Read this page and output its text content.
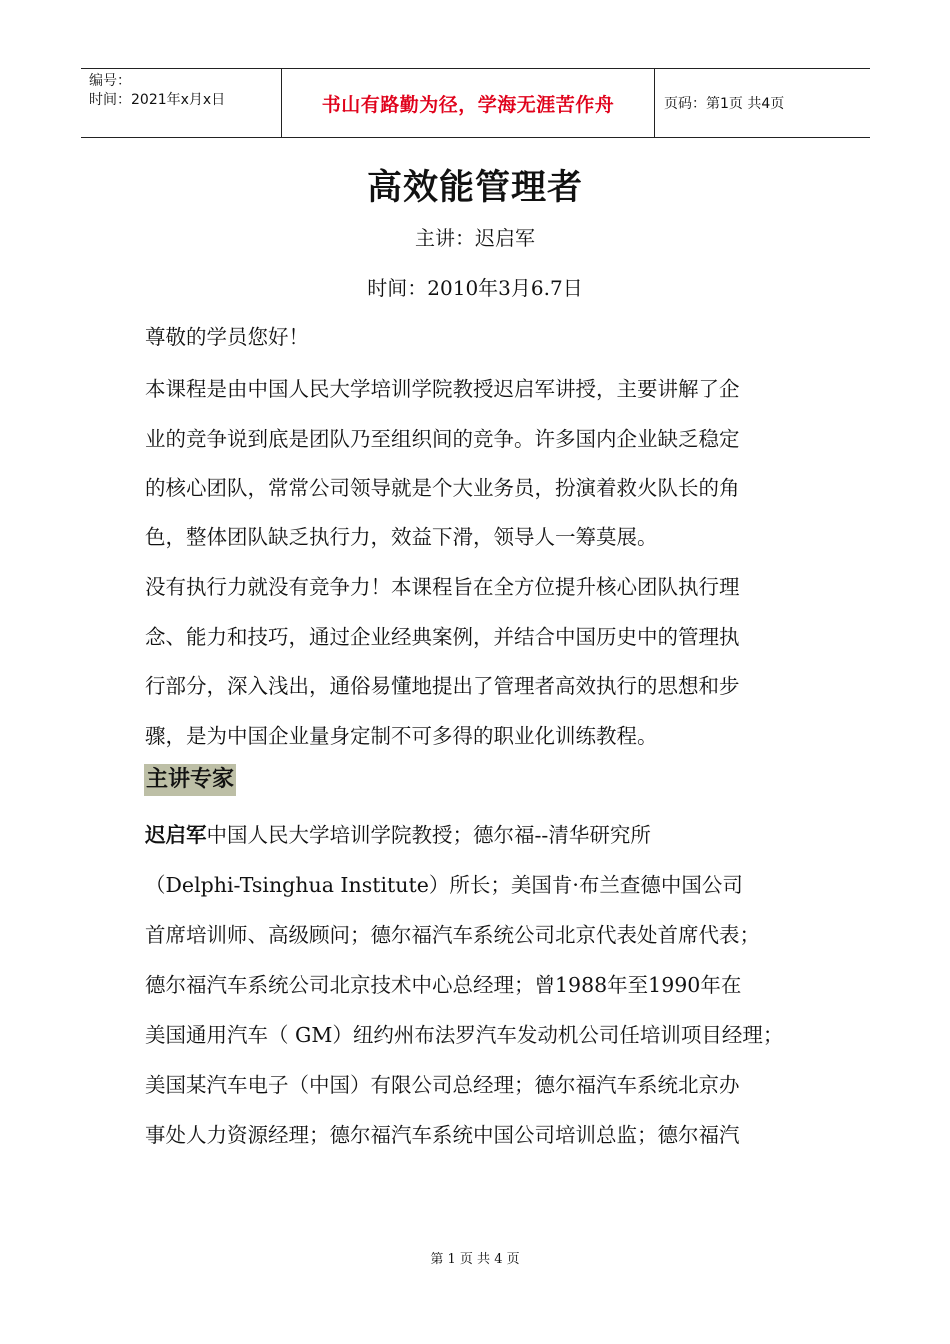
编号：
时间：2021年x月x日	书山有路勤为径，学海无涯苦作舟	页码：第1页 共4页
高效能管理者
主讲：迟启军
时间：2010年3月6.7日
尊敬的学员您好！
本课程是由中国人民大学培训学院教授迟启军讲授，主要讲解了企
业的竞争说到底是团队乃至组织间的竞争。许多国内企业缺乏稳定
的核心团队，常常公司领导就是个大业务员，扮演着救火队长的角
色，整体团队缺乏执行力，效益下滑，领导人一筹莫展。
没有执行力就没有竞争力！本课程旨在全方位提升核心团队执行理
念、能力和技巧，通过企业经典案例，并结合中国历史中的管理执
行部分，深入浅出，通俗易懂地提出了管理者高效执行的思想和步
骤，是为中国企业量身定制不可多得的职业化训练教程。
主讲专家
迟启军中国人民大学培训学院教授；德尔福--清华研究所
（Delphi-Tsinghua Institute）所长；美国肯·布兰查德中国公司
首席培训师、高级顾问；德尔福汽车系统公司北京代表处首席代表；
德尔福汽车系统公司北京技术中心总经理；曾1988年至1990年在
美国通用汽车（ GM）纽约州布法罗汽车发动机公司任培训项目经理；
美国某汽车电子（中国）有限公司总经理；德尔福汽车系统北京办
事处人力资源经理；德尔福汽车系统中国公司培训总监；德尔福汽
第 1 页 共 4 页
